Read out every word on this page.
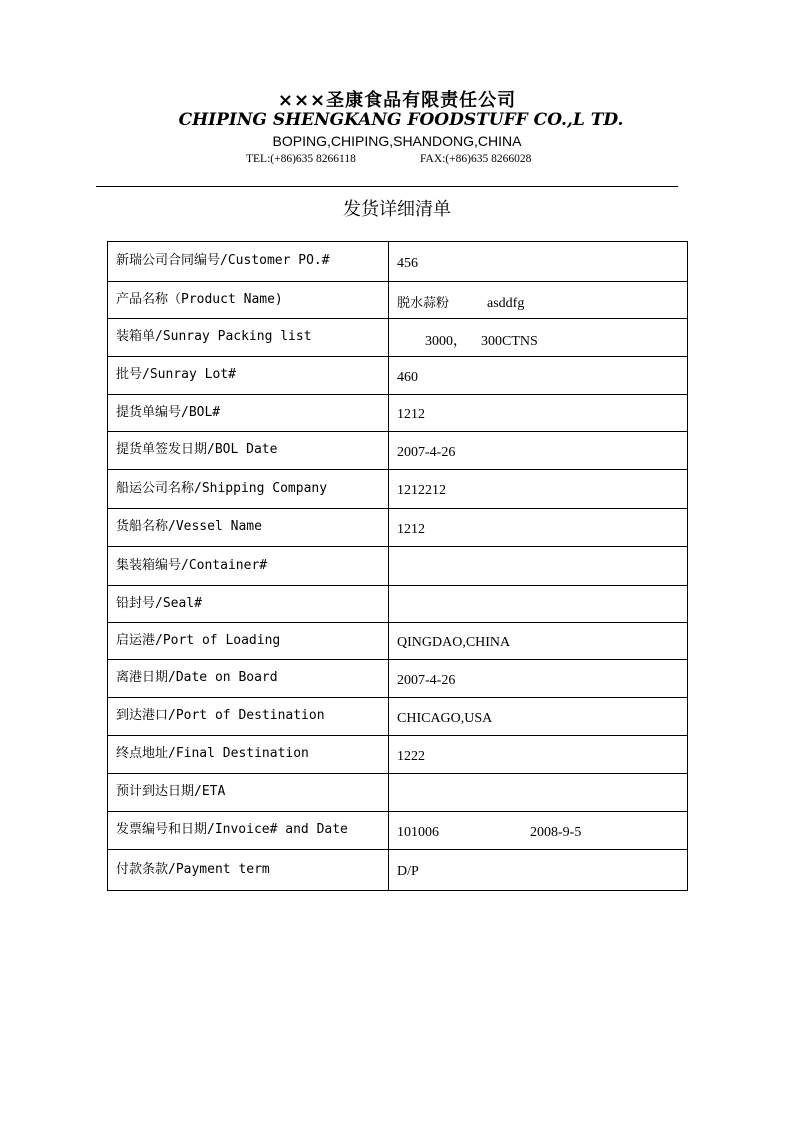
×××圣康食品有限责任公司
CHIPING SHENGKANG FOODSTUFF CO.,L TD.
BOPING,CHIPING,SHANDONG,CHINA
TEL:(+86)635 8266118	FAX:(+86)635 8266028
发货详细清单
新瑞公司合同编号/Customer PO.#	456
产品名称（Product Name)	脱水蒜粉 asddfg
装箱单/Sunray Packing list	3000， 300CTNS
批号/Sunray Lot#	460
提货单编号/BOL#	1212
提货单签发日期/BOL Date	2007-4-26
船运公司名称/Shipping Company	1212212
货船名称/Vessel Name	1212
集装箱编号/Container#	
铅封号/Seal#	
启运港/Port of Loading	QINGDAO,CHINA
离港日期/Date on Board	2007-4-26
到达港口/Port of Destination	CHICAGO,USA
终点地址/Final Destination	1222
预计到达日期/ETA	
发票编号和日期/Invoice# and Date	101006 2008-9-5
付款条款/Payment term	D/P
